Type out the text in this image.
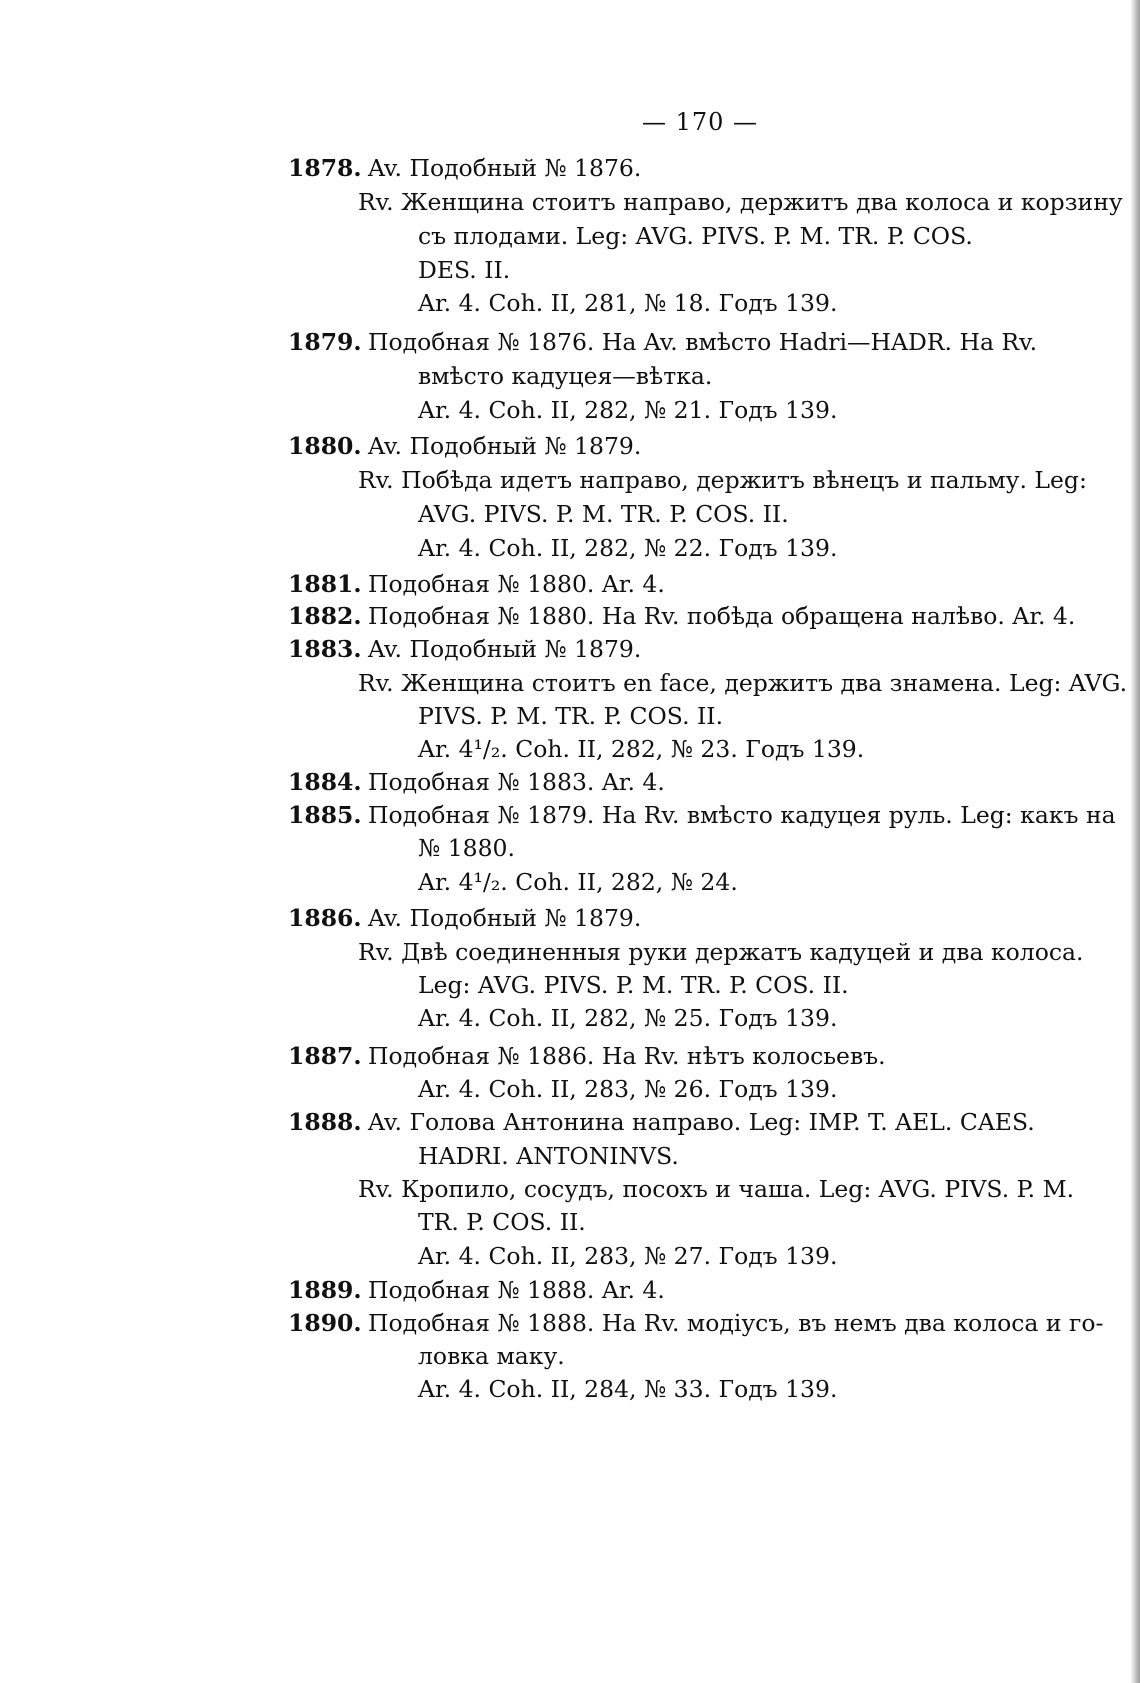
— 170 —
1878. Av. Подобный № 1876.
Rv. Женщина стоитъ направо, держитъ два колоса и корзину
съ плодами. Leg: AVG. PIVS. P. M. TR. P. COS.
DES. II.
Ar. 4. Coh. II, 281, № 18. Годъ 139.
1879. Подобная № 1876. На Av. вмѣсто Hadri—HADR. На Rv.
вмѣсто кадуцея—вѣтка.
Ar. 4. Coh. II, 282, № 21. Годъ 139.
1880. Av. Подобный № 1879.
Rv. Побѣда идетъ направо, держитъ вѣнецъ и пальму. Leg:
AVG. PIVS. P. M. TR. P. COS. II.
Ar. 4. Coh. II, 282, № 22. Годъ 139.
1881. Подобная № 1880. Ar. 4.
1882. Подобная № 1880. На Rv. побѣда обращена налѣво. Ar. 4.
1883. Av. Подобный № 1879.
Rv. Женщина стоитъ en face, держитъ два знамена. Leg: AVG.
PIVS. P. M. TR. P. COS. II.
Ar. 4¹/₂. Coh. II, 282, № 23. Годъ 139.
1884. Подобная № 1883. Ar. 4.
1885. Подобная № 1879. На Rv. вмѣсто кадуцея руль. Leg: какъ на
№ 1880.
Ar. 4¹/₂. Coh. II, 282, № 24.
1886. Av. Подобный № 1879.
Rv. Двѣ соединенныя руки держатъ кадуцей и два колоса.
Leg: AVG. PIVS. P. M. TR. P. COS. II.
Ar. 4. Coh. II, 282, № 25. Годъ 139.
1887. Подобная № 1886. На Rv. нѣтъ колосьевъ.
Ar. 4. Coh. II, 283, № 26. Годъ 139.
1888. Av. Голова Антонина направо. Leg: IMP. T. AEL. CAES.
HADRI. ANTONINVS.
Rv. Кропило, сосудъ, посохъ и чаша. Leg: AVG. PIVS. P. M.
TR. P. COS. II.
Ar. 4. Coh. II, 283, № 27. Годъ 139.
1889. Подобная № 1888. Ar. 4.
1890. Подобная № 1888. На Rv. модіусъ, въ немъ два колоса и го-
ловка маку.
Ar. 4. Coh. II, 284, № 33. Годъ 139.
